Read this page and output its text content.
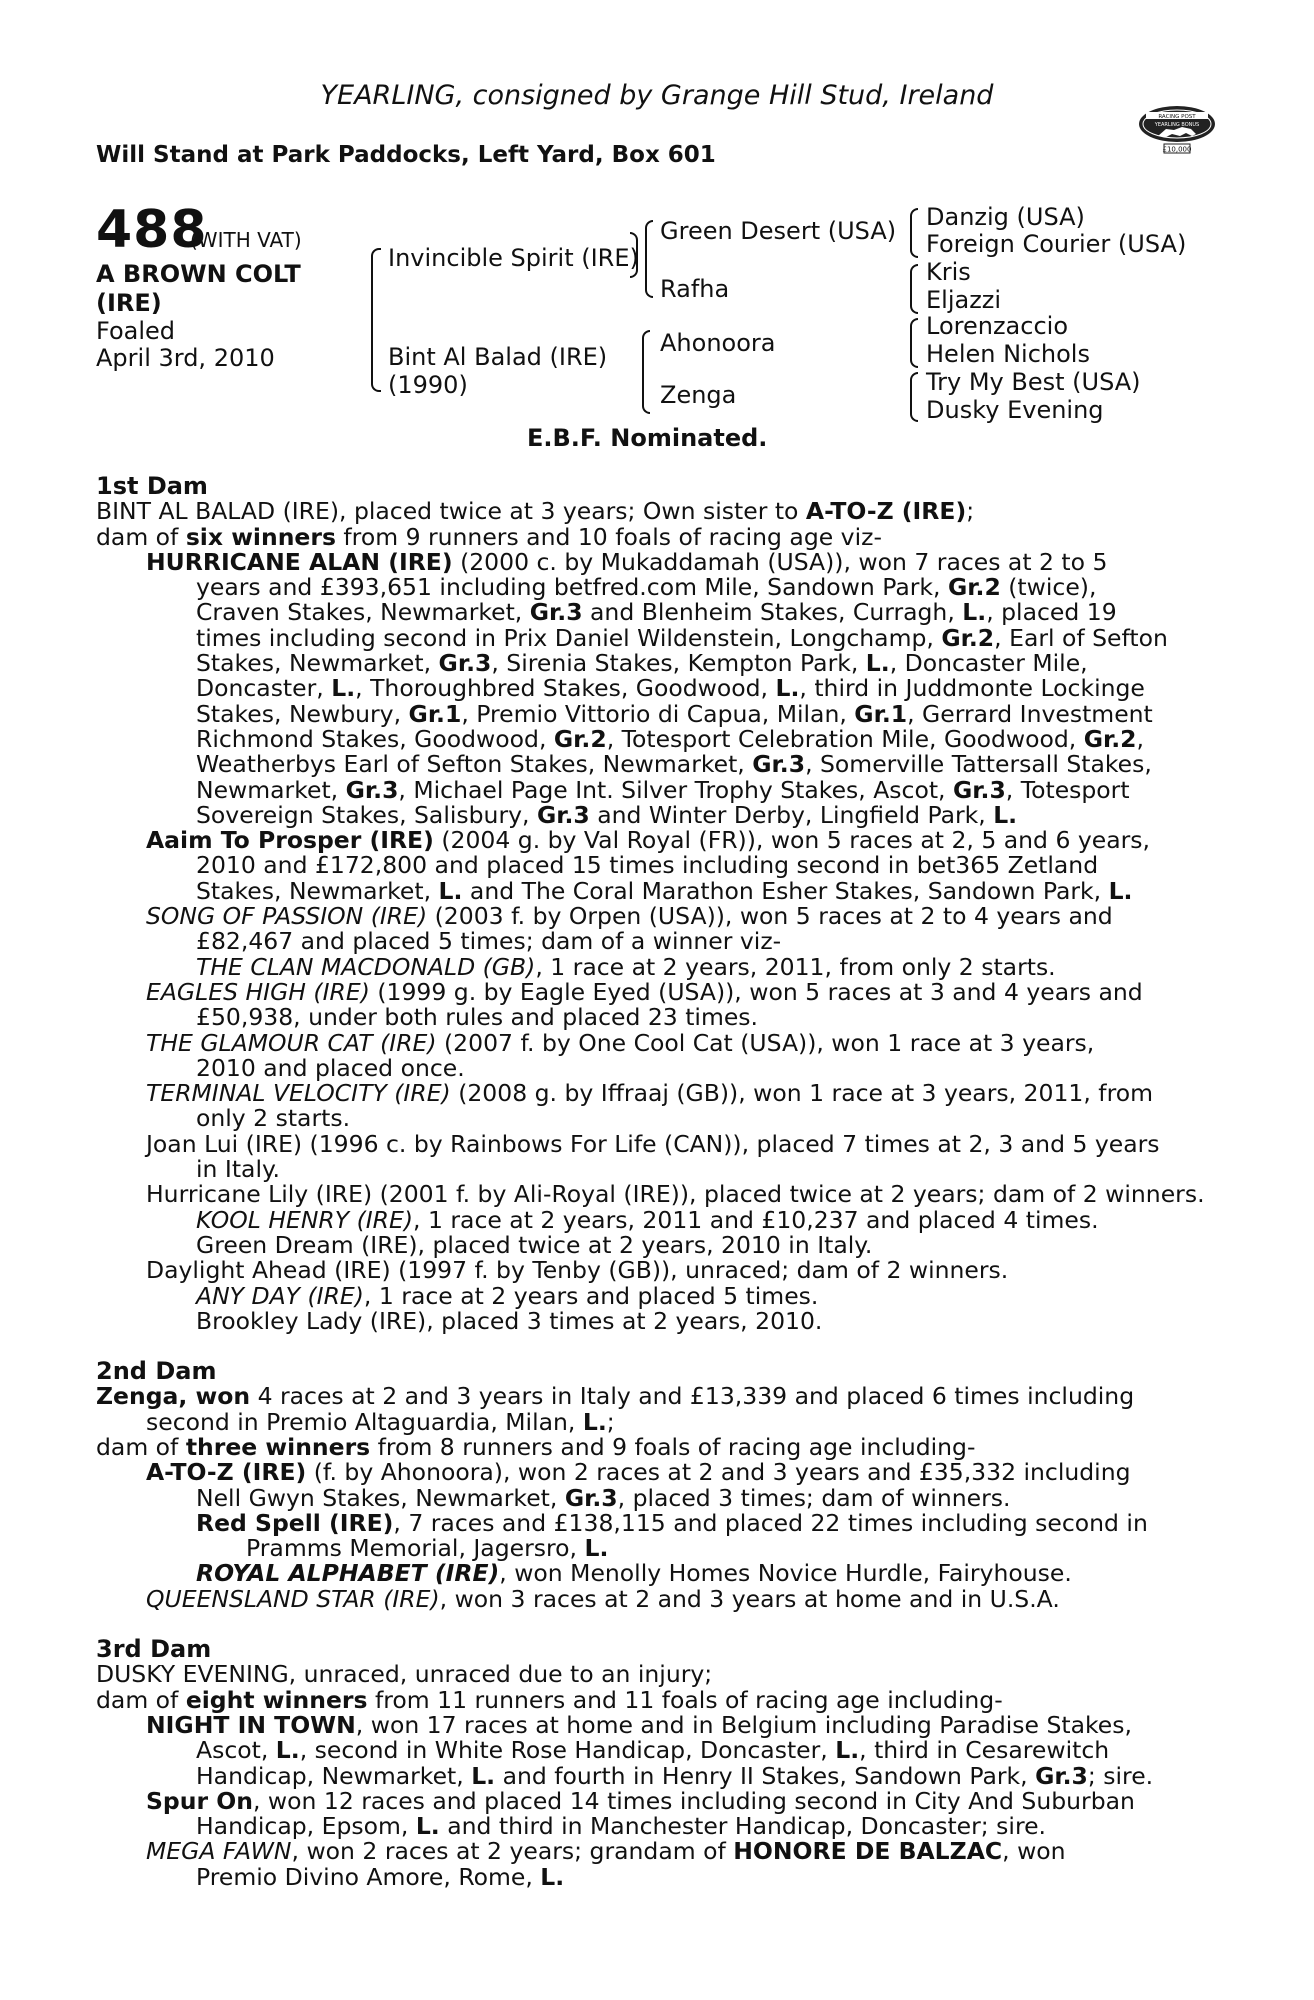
YEARLING, consigned by Grange Hill Stud, Ireland
Will Stand at Park Paddocks, Left Yard, Box 601
RACING POST
YEARLING BONUS
£10,000
488
(WITH VAT)
A BROWN COLT
(IRE)
Foaled
April 3rd, 2010
Invincible Spirit (IRE)
Bint Al Balad (IRE)
(1990)
Green Desert (USA)
Rafha
Ahonoora
Zenga
Danzig (USA)
Foreign Courier (USA)
Kris
Eljazzi
Lorenzaccio
Helen Nichols
Try My Best (USA)
Dusky Evening
E.B.F. Nominated.
1st Dam
BINT AL BALAD (IRE), placed twice at 3 years; Own sister to A-TO-Z (IRE);
dam of six winners from 9 runners and 10 foals of racing age viz-
HURRICANE ALAN (IRE) (2000 c. by Mukaddamah (USA)), won 7 races at 2 to 5
years and £393,651 including betfred.com Mile, Sandown Park, Gr.2 (twice),
Craven Stakes, Newmarket, Gr.3 and Blenheim Stakes, Curragh, L., placed 19
times including second in Prix Daniel Wildenstein, Longchamp, Gr.2, Earl of Sefton
Stakes, Newmarket, Gr.3, Sirenia Stakes, Kempton Park, L., Doncaster Mile,
Doncaster, L., Thoroughbred Stakes, Goodwood, L., third in Juddmonte Lockinge
Stakes, Newbury, Gr.1, Premio Vittorio di Capua, Milan, Gr.1, Gerrard Investment
Richmond Stakes, Goodwood, Gr.2, Totesport Celebration Mile, Goodwood, Gr.2,
Weatherbys Earl of Sefton Stakes, Newmarket, Gr.3, Somerville Tattersall Stakes,
Newmarket, Gr.3, Michael Page Int. Silver Trophy Stakes, Ascot, Gr.3, Totesport
Sovereign Stakes, Salisbury, Gr.3 and Winter Derby, Lingfield Park, L.
Aaim To Prosper (IRE) (2004 g. by Val Royal (FR)), won 5 races at 2, 5 and 6 years,
2010 and £172,800 and placed 15 times including second in bet365 Zetland
Stakes, Newmarket, L. and The Coral Marathon Esher Stakes, Sandown Park, L.
SONG OF PASSION (IRE) (2003 f. by Orpen (USA)), won 5 races at 2 to 4 years and
£82,467 and placed 5 times; dam of a winner viz-
THE CLAN MACDONALD (GB), 1 race at 2 years, 2011, from only 2 starts.
EAGLES HIGH (IRE) (1999 g. by Eagle Eyed (USA)), won 5 races at 3 and 4 years and
£50,938, under both rules and placed 23 times.
THE GLAMOUR CAT (IRE) (2007 f. by One Cool Cat (USA)), won 1 race at 3 years,
2010 and placed once.
TERMINAL VELOCITY (IRE) (2008 g. by Iffraaj (GB)), won 1 race at 3 years, 2011, from
only 2 starts.
Joan Lui (IRE) (1996 c. by Rainbows For Life (CAN)), placed 7 times at 2, 3 and 5 years
in Italy.
Hurricane Lily (IRE) (2001 f. by Ali-Royal (IRE)), placed twice at 2 years; dam of 2 winners.
KOOL HENRY (IRE), 1 race at 2 years, 2011 and £10,237 and placed 4 times.
Green Dream (IRE), placed twice at 2 years, 2010 in Italy.
Daylight Ahead (IRE) (1997 f. by Tenby (GB)), unraced; dam of 2 winners.
ANY DAY (IRE), 1 race at 2 years and placed 5 times.
Brookley Lady (IRE), placed 3 times at 2 years, 2010.
2nd Dam
Zenga, won 4 races at 2 and 3 years in Italy and £13,339 and placed 6 times including
second in Premio Altaguardia, Milan, L.;
dam of three winners from 8 runners and 9 foals of racing age including-
A-TO-Z (IRE) (f. by Ahonoora), won 2 races at 2 and 3 years and £35,332 including
Nell Gwyn Stakes, Newmarket, Gr.3, placed 3 times; dam of winners.
Red Spell (IRE), 7 races and £138,115 and placed 22 times including second in
Pramms Memorial, Jagersro, L.
ROYAL ALPHABET (IRE), won Menolly Homes Novice Hurdle, Fairyhouse.
QUEENSLAND STAR (IRE), won 3 races at 2 and 3 years at home and in U.S.A.
3rd Dam
DUSKY EVENING, unraced, unraced due to an injury;
dam of eight winners from 11 runners and 11 foals of racing age including-
NIGHT IN TOWN, won 17 races at home and in Belgium including Paradise Stakes,
Ascot, L., second in White Rose Handicap, Doncaster, L., third in Cesarewitch
Handicap, Newmarket, L. and fourth in Henry II Stakes, Sandown Park, Gr.3; sire.
Spur On, won 12 races and placed 14 times including second in City And Suburban
Handicap, Epsom, L. and third in Manchester Handicap, Doncaster; sire.
MEGA FAWN, won 2 races at 2 years; grandam of HONORE DE BALZAC, won
Premio Divino Amore, Rome, L.
